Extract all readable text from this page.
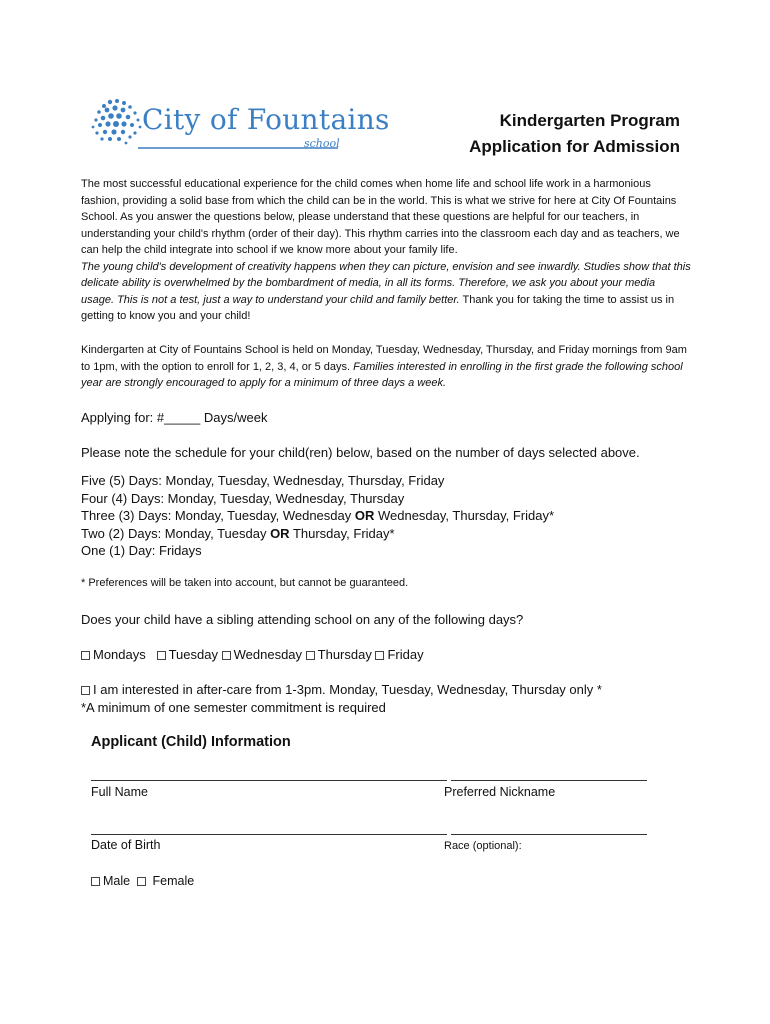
City of Fountains
school
Kindergarten Program
Application for Admission
The most successful educational experience for the child comes when home life and school life work in a harmonious fashion, providing a solid base from which the child can be in the world. This is what we strive for here at City Of Fountains School. As you answer the questions below, please understand that these questions are helpful for our teachers, in understanding your child's rhythm (order of their day). This rhythm carries into the classroom each day and as teachers, we can help the child integrate into school if we know more about your family life.
The young child's development of creativity happens when they can picture, envision and see inwardly. Studies show that this delicate ability is overwhelmed by the bombardment of media, in all its forms. Therefore, we ask you about your media usage. This is not a test, just a way to understand your child and family better. Thank you for taking the time to assist us in getting to know you and your child!
Kindergarten at City of Fountains School is held on Monday, Tuesday, Wednesday, Thursday, and Friday mornings from 9am to 1pm, with the option to enroll for 1, 2, 3, 4, or 5 days. Families interested in enrolling in the first grade the following school year are strongly encouraged to apply for a minimum of three days a week.
Applying for: #_____ Days/week
Please note the schedule for your child(ren) below, based on the number of days selected above.
Five (5) Days: Monday, Tuesday, Wednesday, Thursday, Friday
Four (4) Days: Monday, Tuesday, Wednesday, Thursday
Three (3) Days: Monday, Tuesday, Wednesday OR Wednesday, Thursday, Friday*
Two (2) Days: Monday, Tuesday OR Thursday, Friday*
One (1) Day: Fridays
* Preferences will be taken into account, but cannot be guaranteed.
Does your child have a sibling attending school on any of the following days?
Mondays Tuesday Wednesday Thursday Friday
I am interested in after-care from 1-3pm. Monday, Tuesday, Wednesday, Thursday only *
*A minimum of one semester commitment is required
Applicant (Child) Information
Full Name	Preferred Nickname
Date of Birth	Race (optional):
Male Female
